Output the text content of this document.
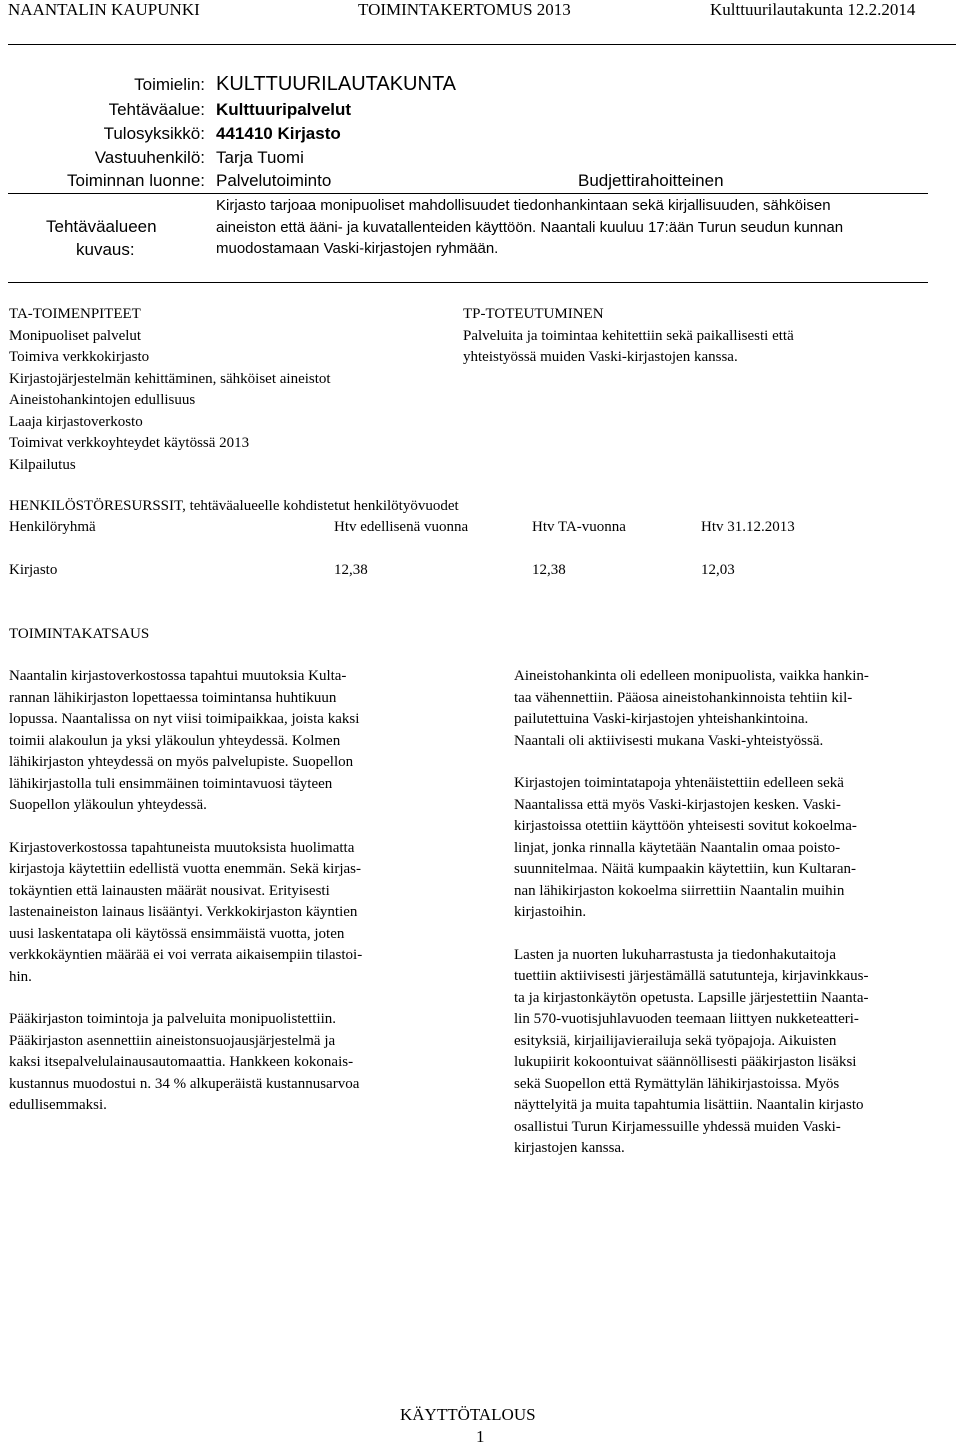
NAANTALIN KAUPUNKI	TOIMINTAKERTOMUS 2013	Kulttuurilautakunta 12.2.2014
Toimielin: KULTTUURILAUTAKUNTA
Tehtäväalue: Kulttuuripalvelut
Tulosyksikkö: 441410 Kirjasto
Vastuuhenkilö: Tarja Tuomi
Toiminnan luonne: Palvelutoiminto	Budjettirahoitteinen
Tehtäväalueen
kuvaus:
Kirjasto tarjoaa monipuoliset mahdollisuudet tiedonhankintaan sekä kirjallisuuden, sähköisen
aineiston että ääni- ja kuvatallenteiden käyttöön. Naantali kuuluu 17:ään Turun seudun kunnan
muodostamaan Vaski-kirjastojen ryhmään.
TA-TOIMENPITEET
Monipuoliset palvelut
Toimiva verkkokirjasto
Kirjastojärjestelmän kehittäminen, sähköiset aineistot
Aineistohankintojen edullisuus
Laaja kirjastoverkosto
Toimivat verkkoyhteydet käytössä 2013
Kilpailutus
TP-TOTEUTUMINEN
Palveluita ja toimintaa kehitettiin sekä paikallisesti että
yhteistyössä muiden Vaski-kirjastojen kanssa.
HENKILÖSTÖRESURSSIT, tehtäväalueelle kohdistetut henkilötyövuodet
Henkilöryhmä	Htv edellisenä vuonna	Htv TA-vuonna	Htv 31.12.2013
Kirjasto	12,38	12,38	12,03
TOIMINTAKATSAUS
Naantalin kirjastoverkostossa tapahtui muutoksia Kulta-
rannan lähikirjaston lopettaessa toimintansa huhtikuun
lopussa. Naantalissa on nyt viisi toimipaikkaa, joista kaksi
toimii alakoulun ja yksi yläkoulun yhteydessä. Kolmen
lähikirjaston yhteydessä on myös palvelupiste. Suopellon
lähikirjastolla tuli ensimmäinen toimintavuosi täyteen
Suopellon yläkoulun yhteydessä.
Kirjastoverkostossa tapahtuneista muutoksista huolimatta
kirjastoja käytettiin edellistä vuotta enemmän. Sekä kirjas-
tokäyntien että lainausten määrät nousivat. Erityisesti
lastenaineiston lainaus lisääntyi. Verkkokirjaston käyntien
uusi laskentatapa oli käytössä ensimmäistä vuotta, joten
verkkokäyntien määrää ei voi verrata aikaisempiin tilastoi-
hin.
Pääkirjaston toimintoja ja palveluita monipuolistettiin.
Pääkirjaston asennettiin aineistonsuojausjärjestelmä ja
kaksi itsepalvelulainausautomaattia. Hankkeen kokonais-
kustannus muodostui n. 34 % alkuperäistä kustannusarvoa
edullisemmaksi.
Aineistohankinta oli edelleen monipuolista, vaikka hankin-
taa vähennettiin. Pääosa aineistohankinnoista tehtiin kil-
pailutettuina Vaski-kirjastojen yhteishankintoina.
Naantali oli aktiivisesti mukana Vaski-yhteistyössä.
Kirjastojen toimintatapoja yhtenäistettiin edelleen sekä
Naantalissa että myös Vaski-kirjastojen kesken. Vaski-
kirjastoissa otettiin käyttöön yhteisesti sovitut kokoelma-
linjat, jonka rinnalla käytetään Naantalin omaa poisto-
suunnitelmaa. Näitä kumpaakin käytettiin, kun Kultaran-
nan lähikirjaston kokoelma siirrettiin Naantalin muihin
kirjastoihin.
Lasten ja nuorten lukuharrastusta ja tiedonhakutaitoja
tuettiin aktiivisesti järjestämällä satutunteja, kirjavinkkaus-
ta ja kirjastonkäytön opetusta. Lapsille järjestettiin Naanta-
lin 570-vuotisjuhlavuoden teemaan liittyen nukketeatteri-
esityksiä, kirjailijavierailuja sekä työpajoja. Aikuisten
lukupiirit kokoontuivat säännöllisesti pääkirjaston lisäksi
sekä Suopellon että Rymättylän lähikirjastoissa. Myös
näyttelyitä ja muita tapahtumia lisättiin. Naantalin kirjasto
osallistui Turun Kirjamessuille yhdessä muiden Vaski-
kirjastojen kanssa.
KÄYTTÖTALOUS
1
